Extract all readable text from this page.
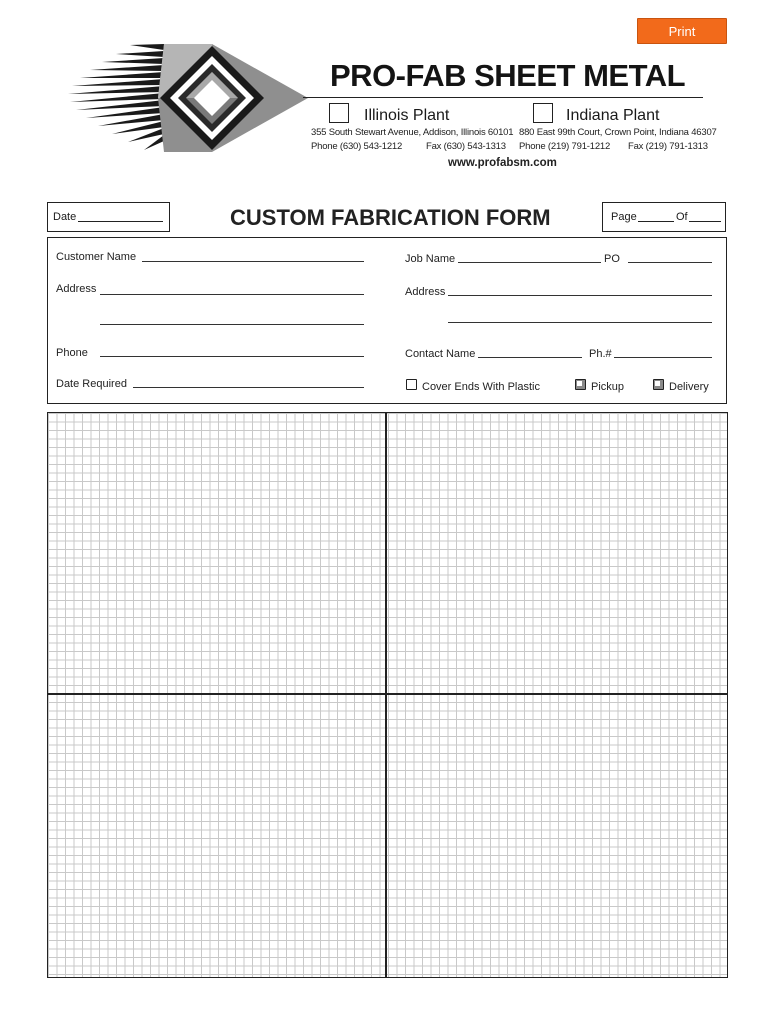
Print
PRO-FAB SHEET METAL
Illinois Plant
355 South Stewart Avenue, Addison, Illinois 60101
Phone (630) 543-1212	Fax (630) 543-1313
Indiana Plant
880 East 99th Court, Crown Point, Indiana 46307
Phone (219) 791-1212 Fax (219) 791-1313
www.profabsm.com
Date	CUSTOM FABRICATION FORM	Page	Of
Customer Name
Address
Phone
Date Required
Job Name	PO
Address
Contact Name	Ph.#
Cover Ends With Plastic	Pickup	Delivery
